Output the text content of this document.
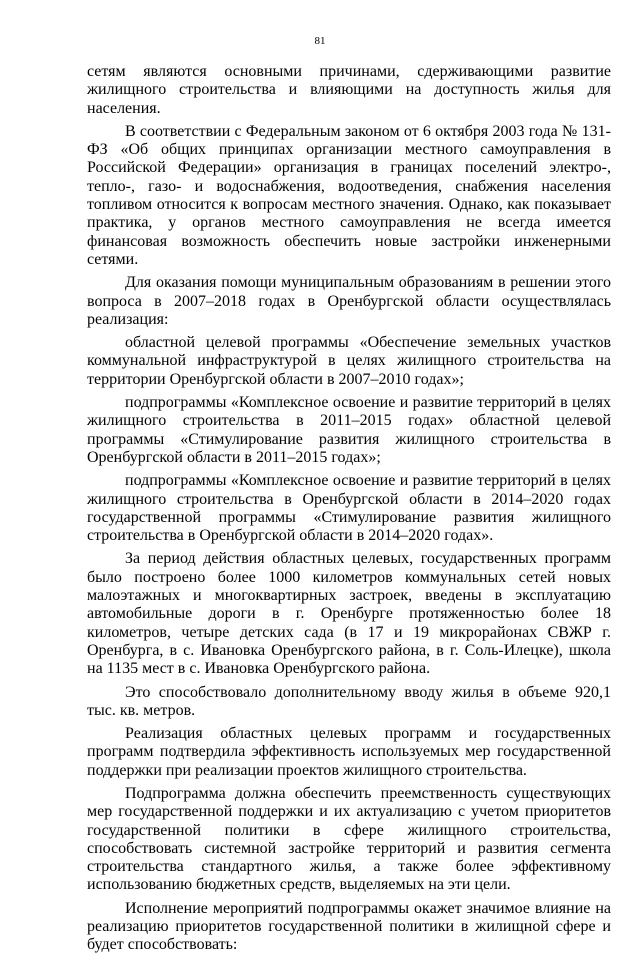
81

сетям являются основными причинами, сдерживающими развитие жилищного строительства и влияющими на доступность жилья для населения.

В соответствии с Федеральным законом от 6 октября 2003 года № 131-ФЗ «Об общих принципах организации местного самоуправления в Российской Федерации» организация в границах поселений электро-, тепло-, газо- и водоснабжения, водоотведения, снабжения населения топливом относится к вопросам местного значения. Однако, как показывает практика, у органов местного самоуправления не всегда имеется финансовая возможность обеспечить новые застройки инженерными сетями.

Для оказания помощи муниципальным образованиям в решении этого вопроса в 2007–2018 годах в Оренбургской области осуществлялась реализация:

областной целевой программы «Обеспечение земельных участков коммунальной инфраструктурой в целях жилищного строительства на территории Оренбургской области в 2007–2010 годах»;

подпрограммы «Комплексное освоение и развитие территорий в целях жилищного строительства в 2011–2015 годах» областной целевой программы «Стимулирование развития жилищного строительства в Оренбургской области в 2011–2015 годах»;

подпрограммы «Комплексное освоение и развитие территорий в целях жилищного строительства в Оренбургской области в 2014–2020 годах государственной программы «Стимулирование развития жилищного строительства в Оренбургской области в 2014–2020 годах».

За период действия областных целевых, государственных программ было построено более 1000 километров коммунальных сетей новых малоэтажных и многоквартирных застроек, введены в эксплуатацию автомобильные дороги в г. Оренбурге протяженностью более 18 километров, четыре детских сада (в 17 и 19 микрорайонах СВЖР г. Оренбурга, в с. Ивановка Оренбургского района, в г. Соль-Илецке), школа на 1135 мест в с. Ивановка Оренбургского района.

Это способствовало дополнительному вводу жилья в объеме 920,1 тыс. кв. метров.

Реализация областных целевых программ и государственных программ подтвердила эффективность используемых мер государственной поддержки при реализации проектов жилищного строительства.

Подпрограмма должна обеспечить преемственность существующих мер государственной поддержки и их актуализацию с учетом приоритетов государственной политики в сфере жилищного строительства, способствовать системной застройке территорий и развития сегмента строительства стандартного жилья, а также более эффективному использованию бюджетных средств, выделяемых на эти цели.

Исполнение мероприятий подпрограммы окажет значимое влияние на реализацию приоритетов государственной политики в жилищной сфере и будет способствовать:
